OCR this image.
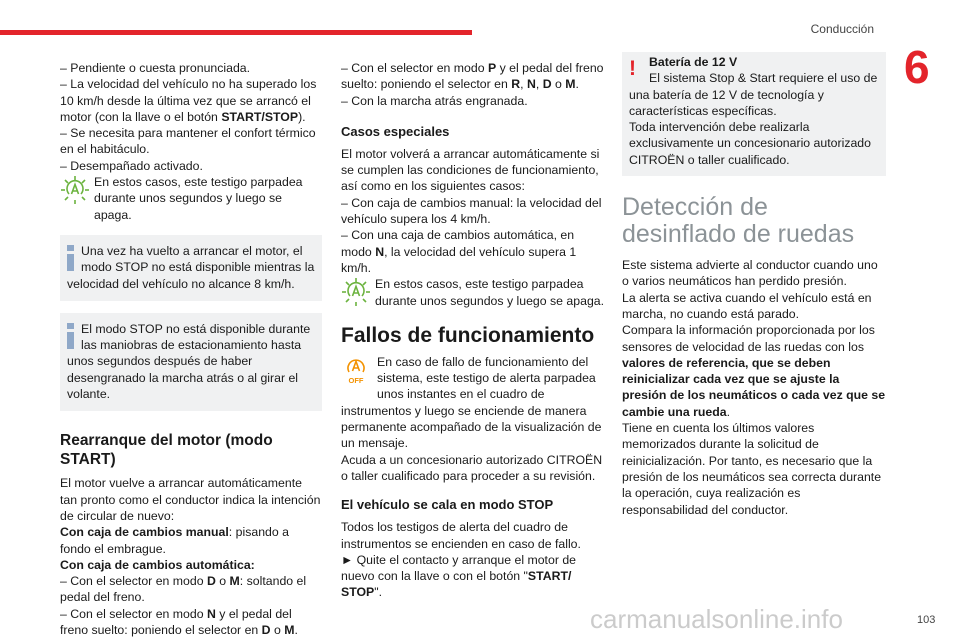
Conducción
6

– Pendiente o cuesta pronunciada.

– La velocidad del vehículo no ha superado los 10 km/h desde la última vez que se arrancó el motor (con la llave o el botón START/STOP).

– Se necesita para mantener el confort térmico en el habitáculo.

– Desempañado activado.

En estos casos, este testigo parpadea durante unos segundos y luego se apaga.
Una vez ha vuelto a arrancar el motor, el modo STOP no está disponible mientras la velocidad del vehículo no alcance 8 km/h.
El modo STOP no está disponible durante las maniobras de estacionamiento hasta unos segundos después de haber desengranado la marcha atrás o al girar el volante.
Rearranque del motor (modo START)

El motor vuelve a arrancar automáticamente tan pronto como el conductor indica la intención de circular de nuevo:

Con caja de cambios manual: pisando a fondo el embrague.

Con caja de cambios automática:

– Con el selector en modo D o M: soltando el pedal del freno.

– Con el selector en modo N y el pedal del freno suelto: poniendo el selector en D o M.

– Con el selector en modo P y el pedal del freno suelto: poniendo el selector en R, N, D o M.

– Con la marcha atrás engranada.

Casos especiales

El motor volverá a arrancar automáticamente si se cumplen las condiciones de funcionamiento, así como en los siguientes casos:

– Con caja de cambios manual: la velocidad del vehículo supera los 4 km/h.

– Con una caja de cambios automática, en modo N, la velocidad del vehículo supera 1 km/h.

En estos casos, este testigo parpadea durante unos segundos y luego se apaga.
Fallos de funcionamiento
OFF
En caso de fallo de funcionamiento del sistema, este testigo de alerta parpadea unos instantes en el cuadro de instrumentos y luego se enciende de manera permanente acompañado de la visualización de un mensaje.

Acuda a un concesionario autorizado CITROËN o taller cualificado para proceder a su revisión.

El vehículo se cala en modo STOP

Todos los testigos de alerta del cuadro de instrumentos se encienden en caso de fallo.

► Quite el contacto y arranque el motor de nuevo con la llave o con el botón "START/ STOP".

!	Batería de 12 V
El sistema Stop & Start requiere el uso de una batería de 12 V de tecnología y características específicas.
Toda intervención debe realizarla exclusivamente un concesionario autorizado CITROËN o taller cualificado.
Detección de desinflado de ruedas

Este sistema advierte al conductor cuando uno o varios neumáticos han perdido presión.

La alerta se activa cuando el vehículo está en marcha, no cuando está parado.

Compara la información proporcionada por los sensores de velocidad de las ruedas con los valores de referencia, que se deben reinicializar cada vez que se ajuste la presión de los neumáticos o cada vez que se cambie una rueda.

Tiene en cuenta los últimos valores memorizados durante la solicitud de reinicialización. Por tanto, es necesario que la presión de los neumáticos sea correcta durante la operación, cuya realización es responsabilidad del conductor.

carmanualsonline.info	103
